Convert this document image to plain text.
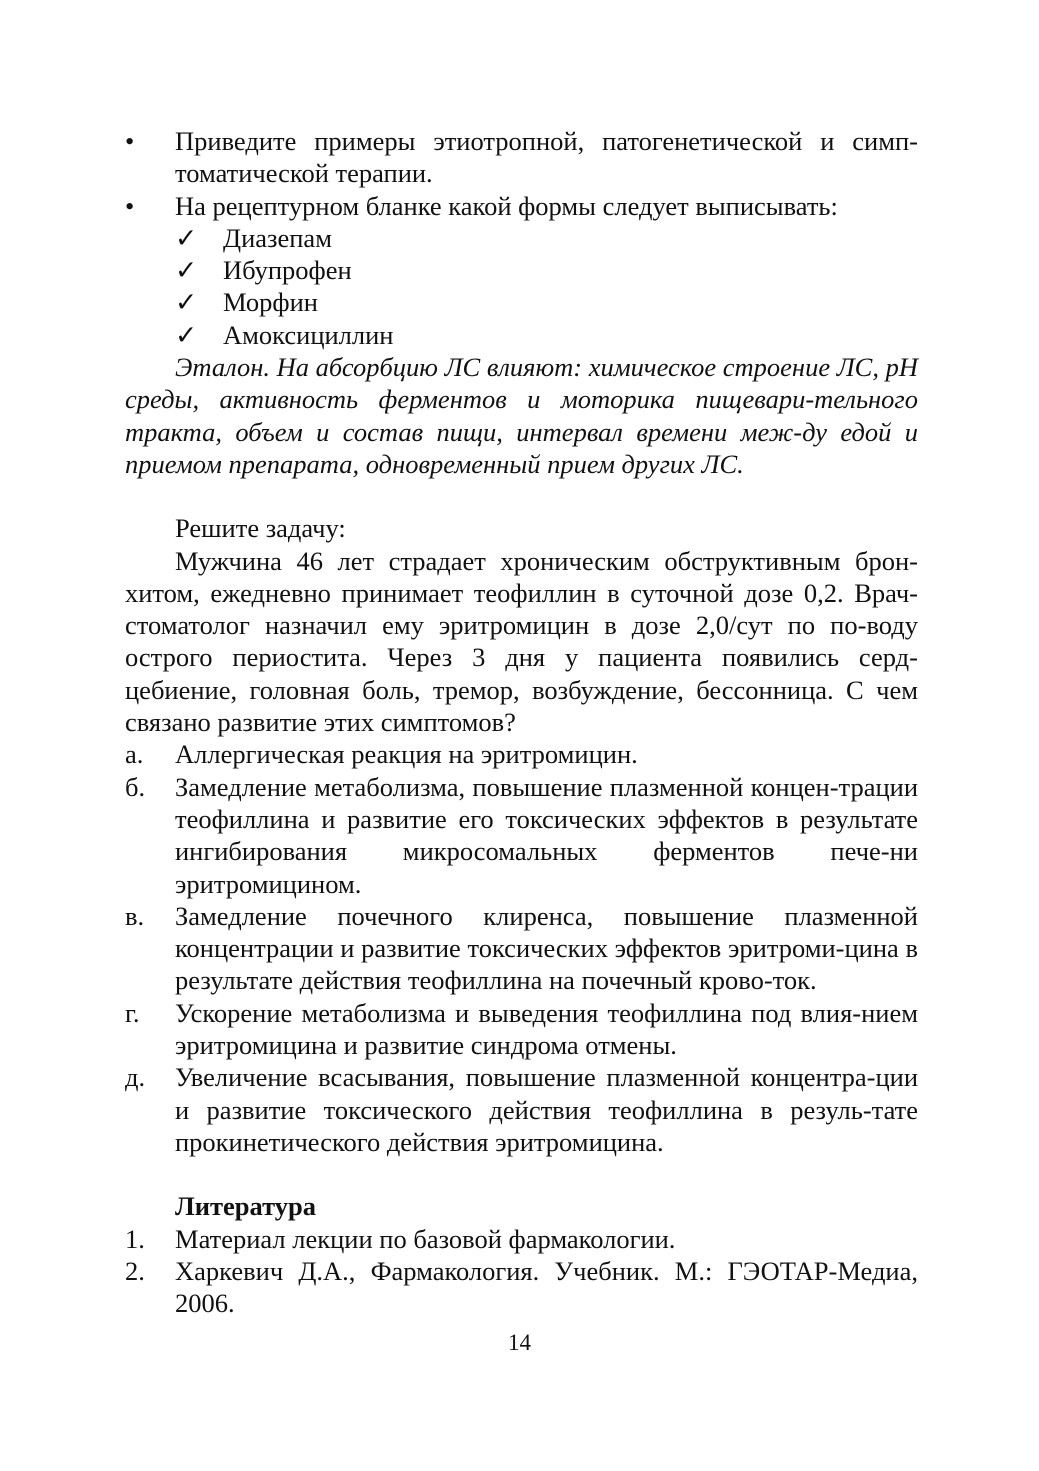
•	Приведите примеры этиотропной, патогенетической и симп-томатической терапии.
•	На рецептурном бланке какой формы следует выписывать:
✓ Диазепам
✓ Ибупрофен
✓ Морфин
✓ Амоксициллин

Эталон. На абсорбцию ЛС влияют: химическое строение ЛС, рН среды, активность ферментов и моторика пищевари-тельного тракта, объем и состав пищи, интервал времени меж-ду едой и приемом препарата, одновременный прием других ЛС.

Решите задачу:

Мужчина 46 лет страдает хроническим обструктивным брон-хитом, ежедневно принимает теофиллин в суточной дозе 0,2. Врач-стоматолог назначил ему эритромицин в дозе 2,0/сут по по-воду острого периостита. Через 3 дня у пациента появились серд-цебиение, головная боль, тремор, возбуждение, бессонница. С чем связано развитие этих симптомов?

а.	Аллергическая реакция на эритромицин.
б.	Замедление метаболизма, повышение плазменной концен-трации теофиллина и развитие его токсических эффектов в результате ингибирования микросомальных ферментов пече-ни эритромицином.
в.	Замедление почечного клиренса, повышение плазменной концентрации и развитие токсических эффектов эритроми-цина в результате действия теофиллина на почечный крово-ток.
г.	Ускорение метаболизма и выведения теофиллина под влия-нием эритромицина и развитие синдрома отмены.
д.	Увеличение всасывания, повышение плазменной концентра-ции и развитие токсического действия теофиллина в резуль-тате прокинетического действия эритромицина.

Литература

1.	Материал лекции по базовой фармакологии.
2.	Харкевич Д.А., Фармакология. Учебник. М.: ГЭОТАР-Медиа, 2006.
14
